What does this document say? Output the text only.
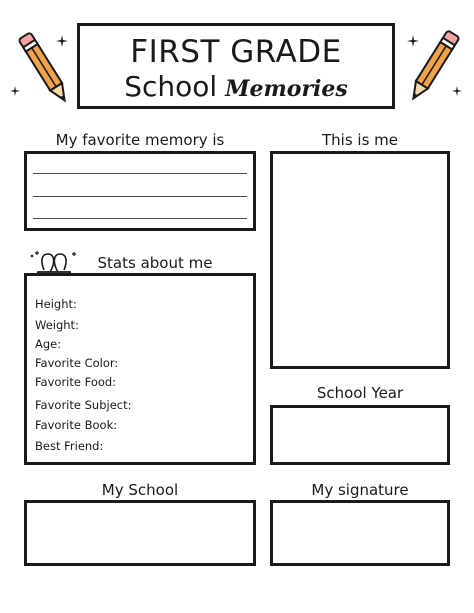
FIRST GRADE
School Memories
My favorite memory is	This is me
Stats about me
Height:
Weight:
Age:
Favorite Color:
Favorite Food:
Favorite Subject:
Favorite Book:
Best Friend:
School Year
My School	My signature
